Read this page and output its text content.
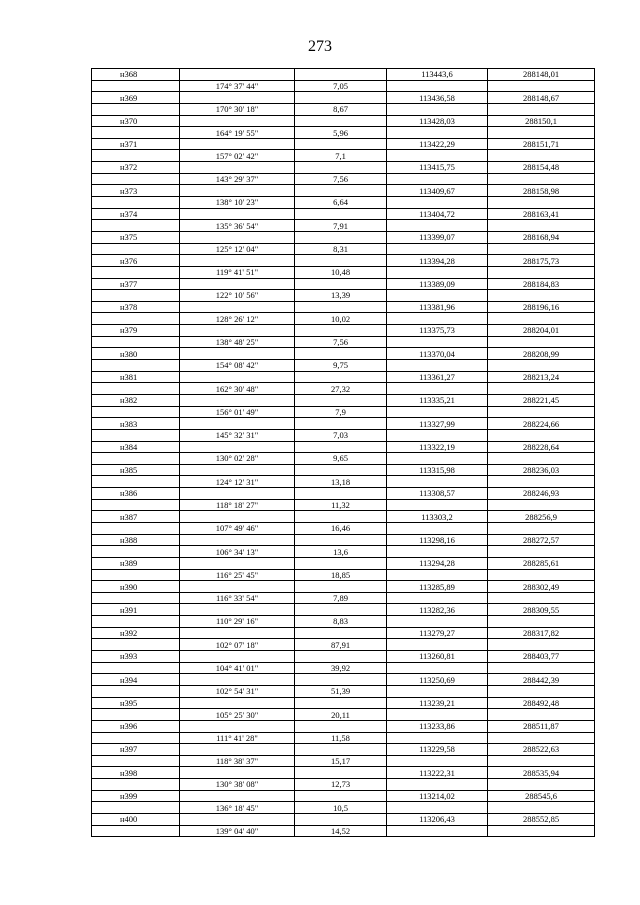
273
н368			113443,6	288148,01
	174° 37' 44"	7,05		
н369			113436,58	288148,67
	170° 30' 18"	8,67		
н370			113428,03	288150,1
	164° 19' 55"	5,96		
н371			113422,29	288151,71
	157° 02' 42"	7,1		
н372			113415,75	288154,48
	143° 29' 37"	7,56		
н373			113409,67	288158,98
	138° 10' 23"	6,64		
н374			113404,72	288163,41
	135° 36' 54"	7,91		
н375			113399,07	288168,94
	125° 12' 04"	8,31		
н376			113394,28	288175,73
	119° 41' 51"	10,48		
н377			113389,09	288184,83
	122° 10' 56"	13,39		
н378			113381,96	288196,16
	128° 26' 12"	10,02		
н379			113375,73	288204,01
	138° 48' 25"	7,56		
н380			113370,04	288208,99
	154° 08' 42"	9,75		
н381			113361,27	288213,24
	162° 30' 48"	27,32		
н382			113335,21	288221,45
	156° 01' 49"	7,9		
н383			113327,99	288224,66
	145° 32' 31"	7,03		
н384			113322,19	288228,64
	130° 02' 28"	9,65		
н385			113315,98	288236,03
	124° 12' 31"	13,18		
н386			113308,57	288246,93
	118° 18' 27"	11,32		
н387			113303,2	288256,9
	107° 49' 46"	16,46		
н388			113298,16	288272,57
	106° 34' 13"	13,6		
н389			113294,28	288285,61
	116° 25' 45"	18,85		
н390			113285,89	288302,49
	116° 33' 54"	7,89		
н391			113282,36	288309,55
	110° 29' 16"	8,83		
н392			113279,27	288317,82
	102° 07' 18"	87,91		
н393			113260,81	288403,77
	104° 41' 01"	39,92		
н394			113250,69	288442,39
	102° 54' 31"	51,39		
н395			113239,21	288492,48
	105° 25' 30"	20,11		
н396			113233,86	288511,87
	111° 41' 28"	11,58		
н397			113229,58	288522,63
	118° 38' 37"	15,17		
н398			113222,31	288535,94
	130° 38' 08"	12,73		
н399			113214,02	288545,6
	136° 18' 45"	10,5		
н400			113206,43	288552,85
	139° 04' 40"	14,52		
